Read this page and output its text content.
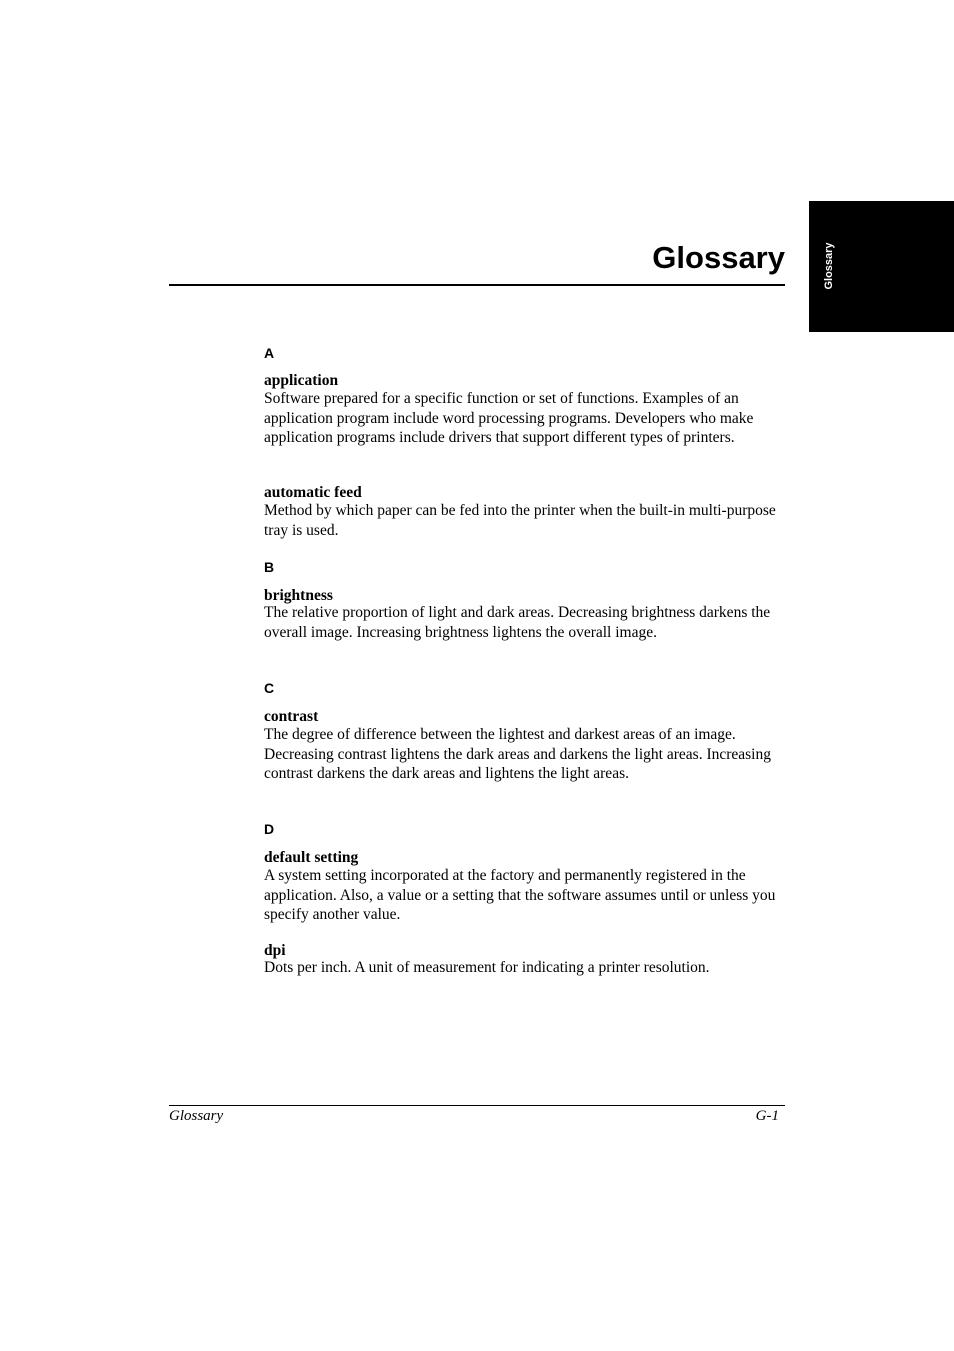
Glossary
Glossary
A
application
Software prepared for a specific function or set of functions. Examples of an application program include word processing programs. Developers who make application programs include drivers that support different types of printers.
automatic feed
Method by which paper can be fed into the printer when the built-in multi-purpose tray is used.
B
brightness
The relative proportion of light and dark areas. Decreasing brightness darkens the overall image. Increasing brightness lightens the overall image.
C
contrast
The degree of difference between the lightest and darkest areas of an image. Decreasing contrast lightens the dark areas and darkens the light areas. Increasing contrast darkens the dark areas and lightens the light areas.
D
default setting
A system setting incorporated at the factory and permanently registered in the application. Also, a value or a setting that the software assumes until or unless you specify another value.
dpi
Dots per inch. A unit of measurement for indicating a printer resolution.
Glossary	G-1
